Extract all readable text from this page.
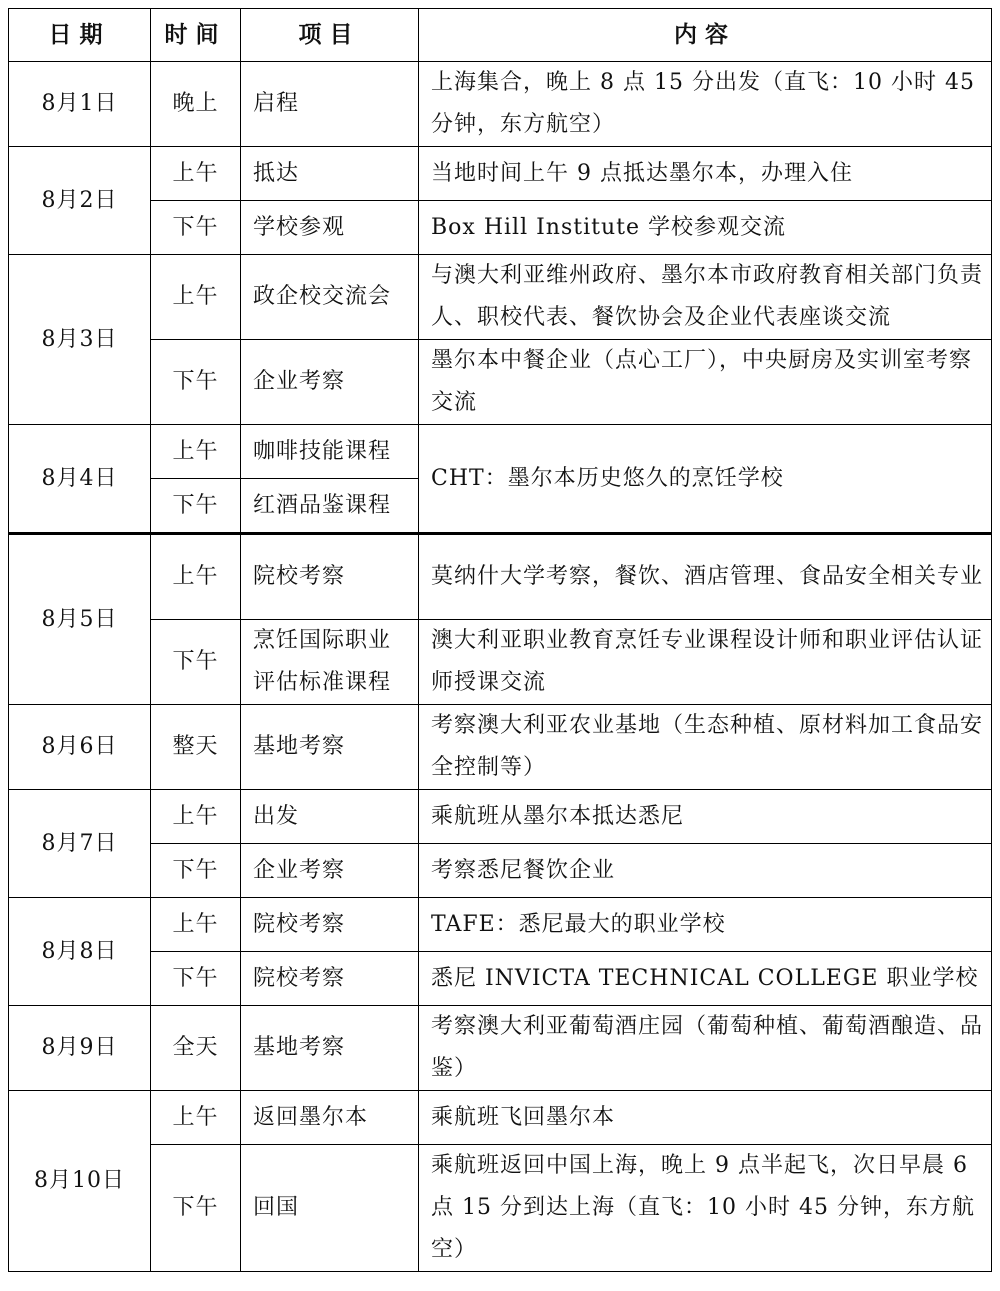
日期	时间	项目	内容
8月1日	晚上	启程	上海集合，晚上 8 点 15 分出发（直飞：10 小时 45 分钟，东方航空）
8月2日	上午	抵达	当地时间上午 9 点抵达墨尔本，办理入住
	下午	学校参观	Box Hill Institute 学校参观交流
8月3日	上午	政企校交流会	与澳大利亚维州政府、墨尔本市政府教育相关部门负责人、职校代表、餐饮协会及企业代表座谈交流
	下午	企业考察	墨尔本中餐企业（点心工厂），中央厨房及实训室考察交流
8月4日	上午	咖啡技能课程	CHT：墨尔本历史悠久的烹饪学校
	下午	红酒品鉴课程	
8月5日	上午	院校考察	莫纳什大学考察，餐饮、酒店管理、食品安全相关专业
	下午	烹饪国际职业评估标准课程	澳大利亚职业教育烹饪专业课程设计师和职业评估认证师授课交流
8月6日	整天	基地考察	考察澳大利亚农业基地（生态种植、原材料加工食品安全控制等）
8月7日	上午	出发	乘航班从墨尔本抵达悉尼
	下午	企业考察	考察悉尼餐饮企业
8月8日	上午	院校考察	TAFE：悉尼最大的职业学校
	下午	院校考察	悉尼 INVICTA TECHNICAL COLLEGE 职业学校
8月9日	全天	基地考察	考察澳大利亚葡萄酒庄园（葡萄种植、葡萄酒酿造、品鉴）
8月10日	上午	返回墨尔本	乘航班飞回墨尔本
	下午	回国	乘航班返回中国上海，晚上 9 点半起飞，次日早晨 6 点 15 分到达上海（直飞：10 小时 45 分钟，东方航空）
